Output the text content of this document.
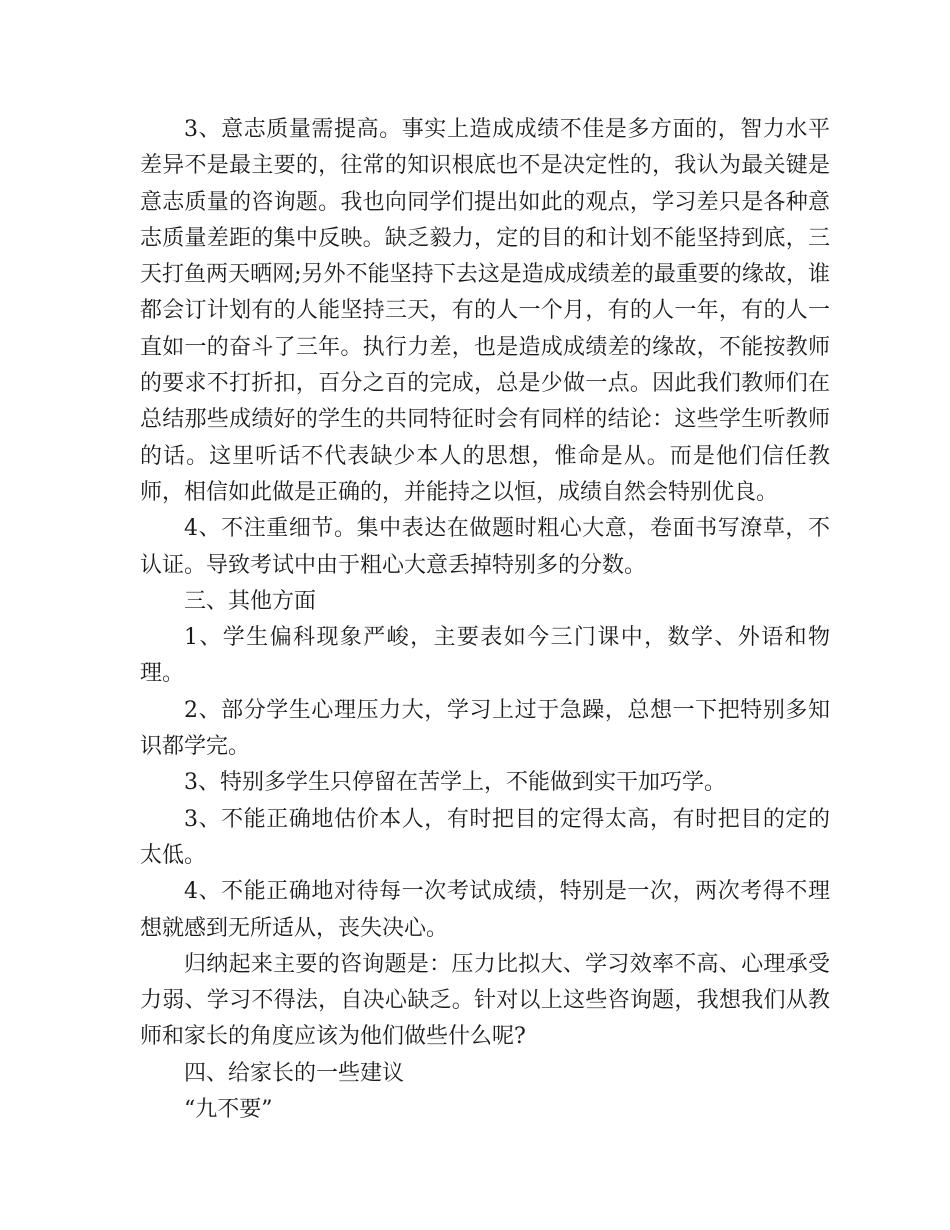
3、意志质量需提高。事实上造成成绩不佳是多方面的，智力水平差异不是最主要的，往常的知识根底也不是决定性的，我认为最关键是意志质量的咨询题。我也向同学们提出如此的观点，学习差只是各种意志质量差距的集中反映。缺乏毅力，定的目的和计划不能坚持到底，三天打鱼两天晒网;另外不能坚持下去这是造成成绩差的最重要的缘故，谁都会订计划有的人能坚持三天，有的人一个月，有的人一年，有的人一直如一的奋斗了三年。执行力差，也是造成成绩差的缘故，不能按教师的要求不打折扣，百分之百的完成，总是少做一点。因此我们教师们在总结那些成绩好的学生的共同特征时会有同样的结论：这些学生听教师的话。这里听话不代表缺少本人的思想，惟命是从。而是他们信任教师，相信如此做是正确的，并能持之以恒，成绩自然会特别优良。

4、不注重细节。集中表达在做题时粗心大意，卷面书写潦草，不认证。导致考试中由于粗心大意丢掉特别多的分数。

三、其他方面

1、学生偏科现象严峻，主要表如今三门课中，数学、外语和物理。

2、部分学生心理压力大，学习上过于急躁，总想一下把特别多知识都学完。

3、特别多学生只停留在苦学上，不能做到实干加巧学。

3、不能正确地估价本人，有时把目的定得太高，有时把目的定的太低。

4、不能正确地对待每一次考试成绩，特别是一次，两次考得不理想就感到无所适从，丧失决心。

归纳起来主要的咨询题是：压力比拟大、学习效率不高、心理承受力弱、学习不得法，自决心缺乏。针对以上这些咨询题，我想我们从教师和家长的角度应该为他们做些什么呢?

四、给家长的一些建议

“九不要”
